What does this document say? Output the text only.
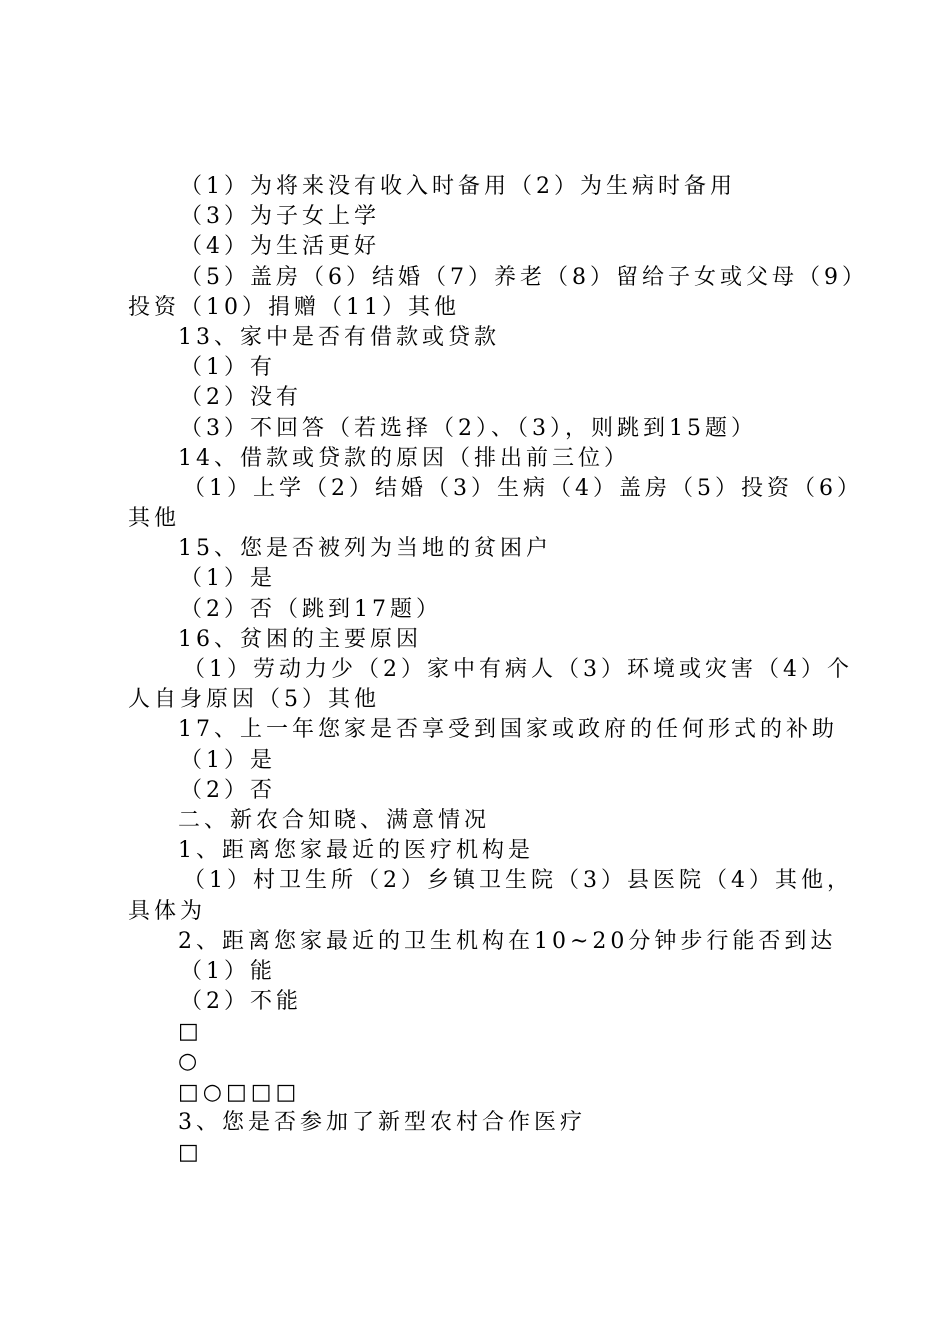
（1）为将来没有收入时备用（2）为生病时备用
（3）为子女上学
（4）为生活更好
（5）盖房（6）结婚（7）养老（8）留给子女或父母（9）
投资（10）捐赠（11）其他
13、家中是否有借款或贷款
（1）有
（2）没有
（3）不回答（若选择（2）、（3），则跳到15题）
14、借款或贷款的原因（排出前三位）
（1）上学（2）结婚（3）生病（4）盖房（5）投资（6）
其他
15、您是否被列为当地的贫困户
（1）是
（2）否（跳到17题）
16、贫困的主要原因
（1）劳动力少（2）家中有病人（3）环境或灾害（4）个
人自身原因（5）其他
17、上一年您家是否享受到国家或政府的任何形式的补助
（1）是
（2）否
二、新农合知晓、满意情况
1、距离您家最近的医疗机构是
（1）村卫生所（2）乡镇卫生院（3）县医院（4）其他，
具体为
2、距离您家最近的卫生机构在10~20分钟步行能否到达
（1）能
（2）不能
□
○
□○□□□
3、您是否参加了新型农村合作医疗
□
